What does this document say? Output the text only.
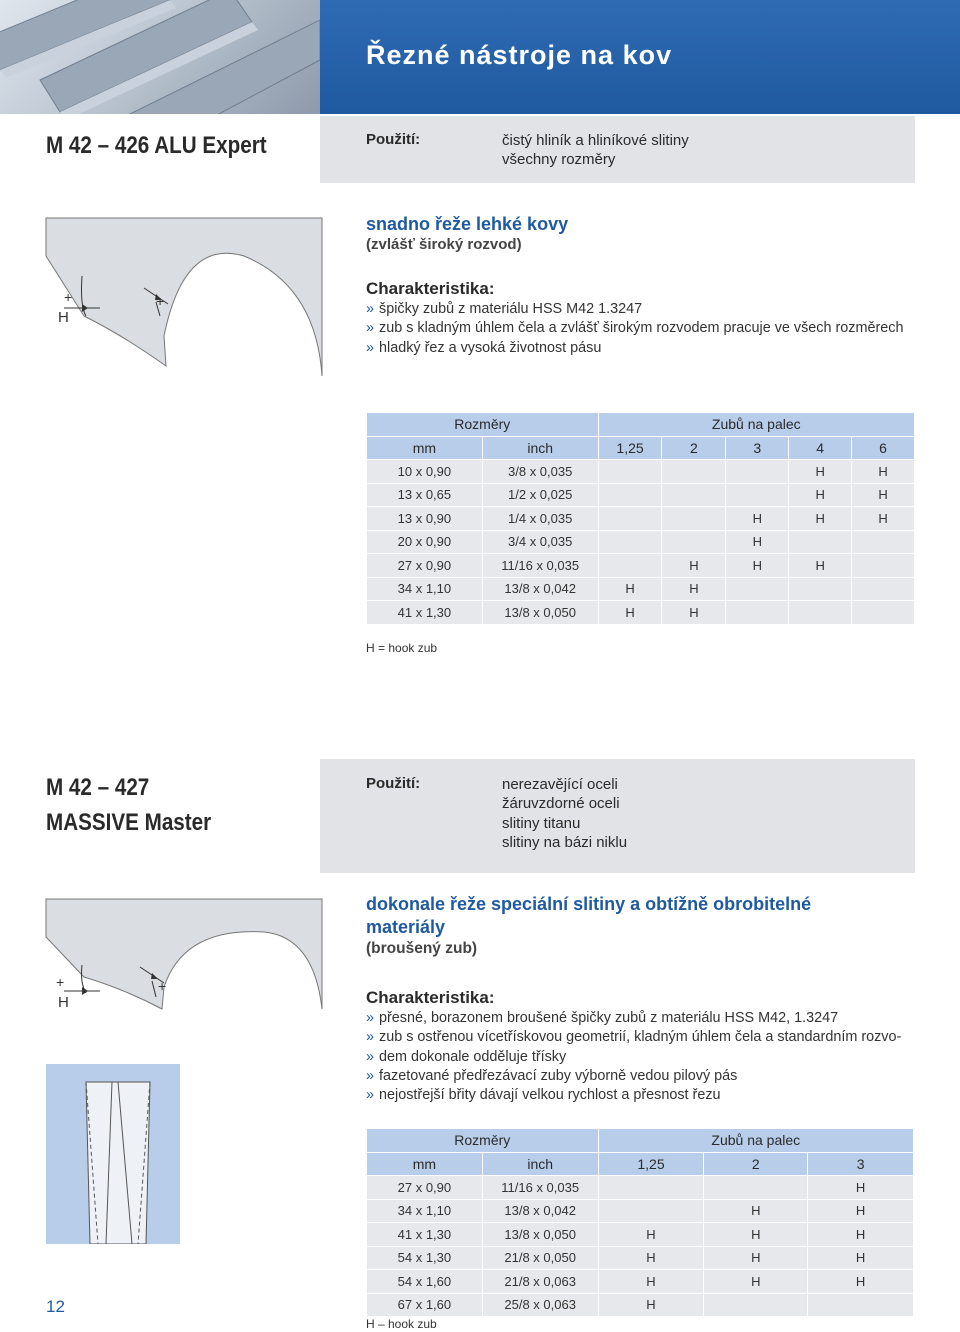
Řezné nástroje na kov
M 42 – 426 ALU Expert	Použití:	čistý hliník a hliníkové slitiny
všechny rozměry
+
H
+
snadno řeže lehké kovy
(zvlášť široký rozvod)
Charakteristika:
» špičky zubů z materiálu HSS M42 1.3247
» zub s kladným úhlem čela a zvlášť širokým rozvodem pracuje ve všech rozměrech
» hladký řez a vysoká životnost pásu
Rozměry		Zubů na palec				
mm	inch	1,25	2	3	4	6
10 x 0,90	3/8 x 0,035				H	H
13 x 0,65	1/2 x 0,025				H	H
13 x 0,90	1/4 x 0,035			H	H	H
20 x 0,90	3/4 x 0,035			H		
27 x 0,90	11/16 x 0,035		H	H	H	
34 x 1,10	13/8 x 0,042	H	H			
41 x 1,30	13/8 x 0,050	H	H			
H = hook zub
M 42 – 427
MASSIVE Master
Použití:	nerezavějící oceli
žáruvzdorné oceli
slitiny titanu
slitiny na bázi niklu
+
H
+
dokonale řeže speciální slitiny a obtížně obrobitelné
materiály
(broušený zub)
Charakteristika:
» přesné, borazonem broušené špičky zubů z materiálu HSS M42, 1.3247
» zub s ostřenou vícetřískovou geometrií, kladným úhlem čela a standardním rozvo-
» dem dokonale odděluje třísky
» fazetované předřezávací zuby výborně vedou pilový pás
» nejostřejší břity dávají velkou rychlost a přesnost řezu
Rozměry		Zubů na palec		
mm	inch	1,25	2	3
27 x 0,90	11/16 x 0,035			H
34 x 1,10	13/8 x 0,042		H	H
41 x 1,30	13/8 x 0,050	H	H	H
54 x 1,30	21/8 x 0,050	H	H	H
54 x 1,60	21/8 x 0,063	H	H	H
67 x 1,60	25/8 x 0,063	H		
H – hook zub
12
